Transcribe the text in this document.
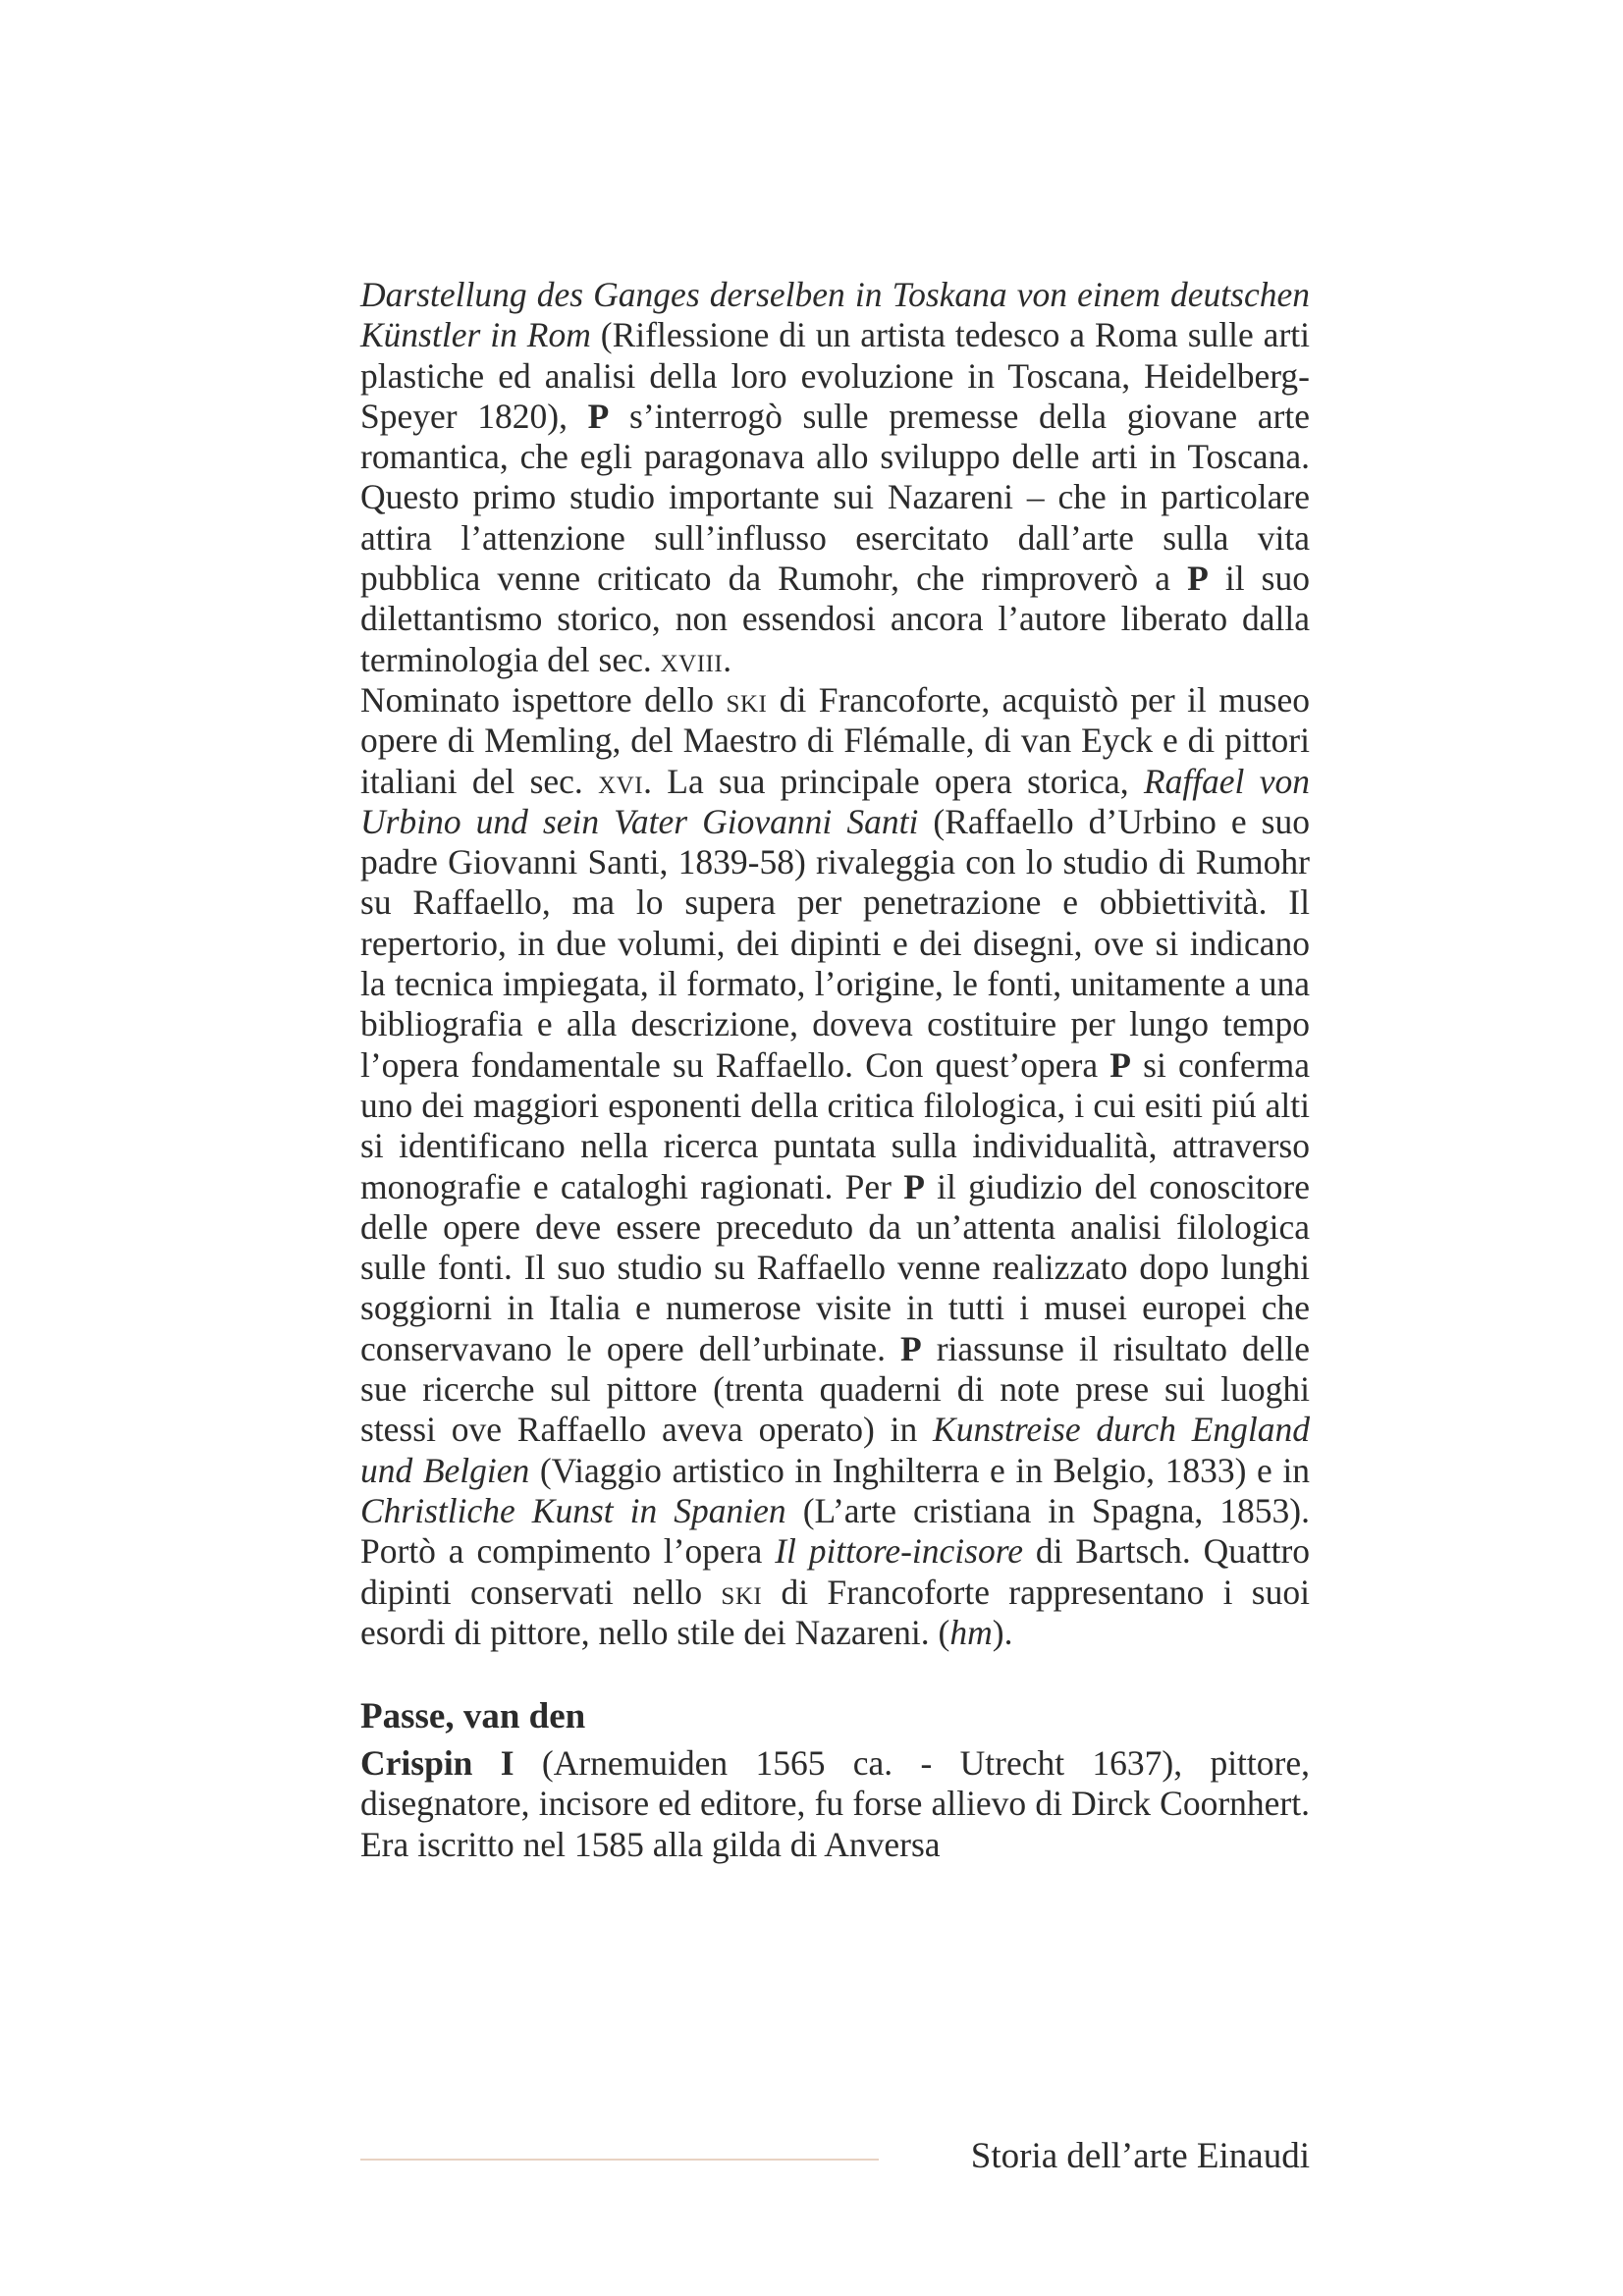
Darstellung des Ganges derselben in Toskana von einem deutschen Künstler in Rom (Riflessione di un artista tedesco a Roma sulle arti plastiche ed analisi della loro evoluzione in Toscana, Heidelberg-Speyer 1820), P s’interrogò sulle premesse della giovane arte romantica, che egli paragonava allo sviluppo delle arti in Toscana. Questo primo studio importante sui Nazareni – che in particolare attira l’attenzione sull’influsso esercitato dall’arte sulla vita pubblica venne criticato da Rumohr, che rimproverò a P il suo dilettantismo storico, non essendosi ancora l’autore liberato dalla terminologia del sec. xviii.

Nominato ispettore dello ski di Francoforte, acquistò per il museo opere di Memling, del Maestro di Flémalle, di van Eyck e di pittori italiani del sec. xvi. La sua principale opera storica, Raffael von Urbino und sein Vater Giovanni Santi (Raffaello d’Urbino e suo padre Giovanni Santi, 1839-58) rivaleggia con lo studio di Rumohr su Raffaello, ma lo supera per penetrazione e obbiettività. Il repertorio, in due volumi, dei dipinti e dei disegni, ove si indicano la tecnica impiegata, il formato, l’origine, le fonti, unitamente a una bibliografia e alla descrizione, doveva costituire per lungo tempo l’opera fondamentale su Raffaello. Con quest’opera P si conferma uno dei maggiori esponenti della critica filologica, i cui esiti piú alti si identificano nella ricerca puntata sulla individualità, attraverso monografie e cataloghi ragionati. Per P il giudizio del conoscitore delle opere deve essere preceduto da un’attenta analisi filologica sulle fonti. Il suo studio su Raffaello venne realizzato dopo lunghi soggiorni in Italia e numerose visite in tutti i musei europei che conservavano le opere dell’urbinate. P riassunse il risultato delle sue ricerche sul pittore (trenta quaderni di note prese sui luoghi stessi ove Raffaello aveva operato) in Kunstreise durch England und Belgien (Viaggio artistico in Inghilterra e in Belgio, 1833) e in Christliche Kunst in Spanien (L’arte cristiana in Spagna, 1853). Portò a compimento l’opera Il pittore-incisore di Bartsch. Quattro dipinti conservati nello ski di Francoforte rappresentano i suoi esordi di pittore, nello stile dei Nazareni. (hm).

Passe, van den

Crispin I (Arnemuiden 1565 ca. - Utrecht 1637), pittore, disegnatore, incisore ed editore, fu forse allievo di Dirck Coornhert. Era iscritto nel 1585 alla gilda di Anversa

Storia dell’arte Einaudi
